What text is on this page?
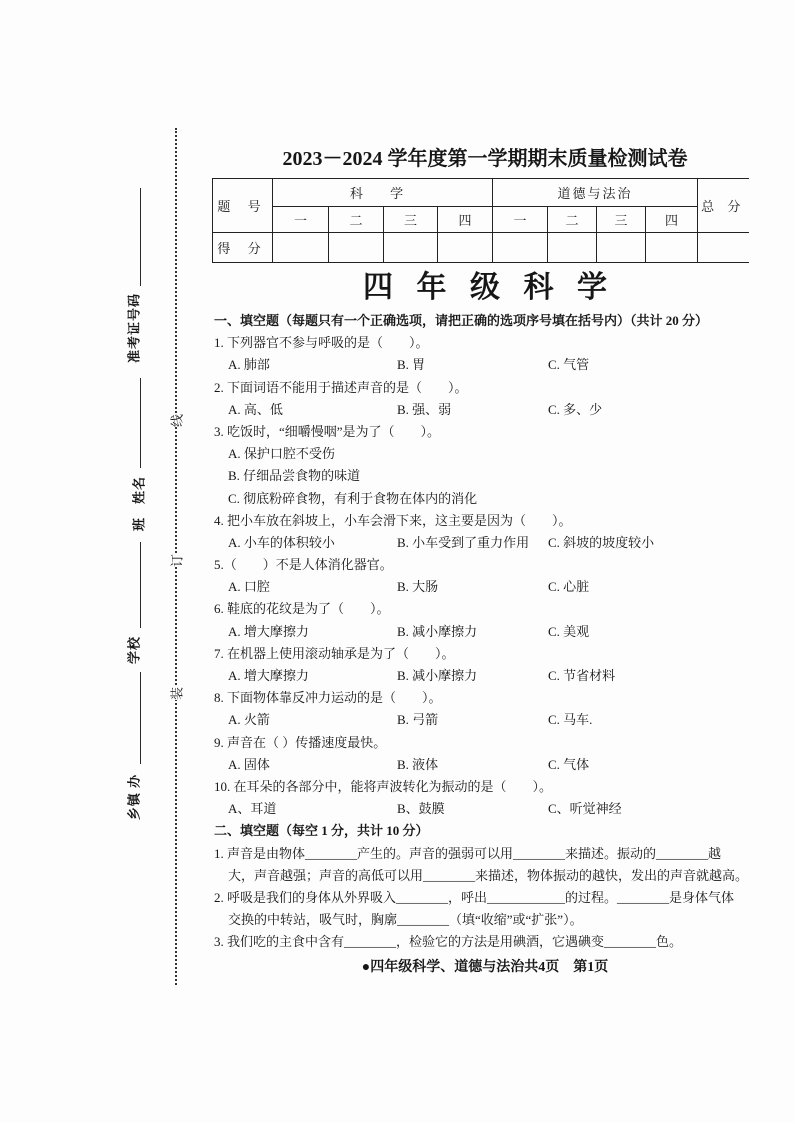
乡镇 办
学校
班
姓名
准考证号码
线
订
装
2023－2024 学年度第一学期期末质量检测试卷
题 号	科 学				道德与法治				总 分
	一	二	三	四	一	二	三	四	
得 分									
四 年 级 科 学
一、填空题（每题只有一个正确选项，请把正确的选项序号填在括号内）（共计 20 分）
1. 下列器官不参与呼吸的是（　　）。
A. 肺部	B. 胃	C. 气管
2. 下面词语不能用于描述声音的是（　　）。
A. 高、低	B. 强、弱	C. 多、少
3. 吃饭时，“细嚼慢咽”是为了（　　）。
A. 保护口腔不受伤
B. 仔细品尝食物的味道
C. 彻底粉碎食物，有利于食物在体内的消化
4. 把小车放在斜坡上，小车会滑下来，这主要是因为（　　）。
A. 小车的体积较小	B. 小车受到了重力作用	C. 斜坡的坡度较小
5.（　　）不是人体消化器官。
A. 口腔	B. 大肠	C. 心脏
6. 鞋底的花纹是为了（　　）。
A. 增大摩擦力	B. 减小摩擦力	C. 美观
7. 在机器上使用滚动轴承是为了（　　）。
A. 增大摩擦力	B. 减小摩擦力	C. 节省材料
8. 下面物体靠反冲力运动的是（　　）。
A. 火箭	B. 弓箭	C. 马车.
9. 声音在（ ）传播速度最快。
A. 固体	B. 液体	C. 气体
10. 在耳朵的各部分中，能将声波转化为振动的是（　　）。
A、耳道	B、鼓膜	C、听觉神经
二、填空题（每空 1 分，共计 10 分）
1. 声音是由物体________产生的。声音的强弱可以用________来描述。振动的________越
大，声音越强；声音的高低可以用________来描述，物体振动的越快，发出的声音就越高。
2. 呼吸是我们的身体从外界吸入________，呼出____________的过程。________是身体气体
交换的中转站，吸气时，胸廓________（填“收缩”或“扩张”）。
3. 我们吃的主食中含有________，检验它的方法是用碘酒，它遇碘变________色。
●四年级科学、道德与法治共4页　第1页
